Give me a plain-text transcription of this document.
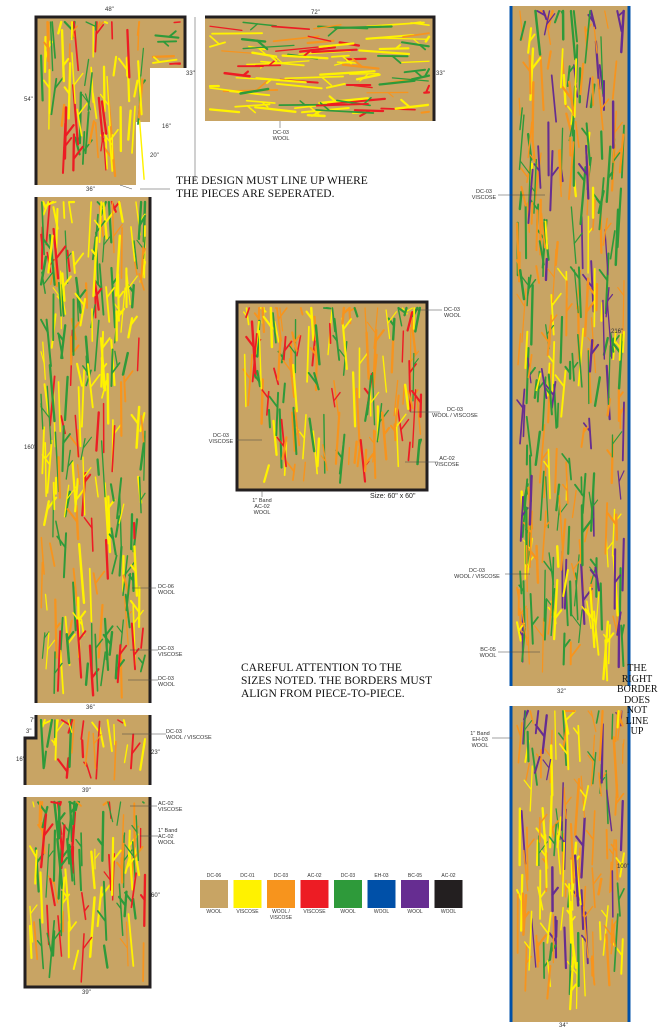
48"	72"
33"	33"
54"
16"
20"
36"
160"
36"
7"
3"
16"
23"
39"
60"
39"
216"
32"
100"
34"
DC-03
WOOL
DC-03
WOOL
DC-03
WOOL / VISCOSE
DC-03
VISCOSE
AC-02
VISCOSE
1" Band
AC-02
WOOL
DC-06
WOOL
DC-03
VISCOSE
DC-03
WOOL
DC-03
WOOL / VISCOSE
AC-02
VISCOSE
1" Band
AC-02
WOOL
DC-03
VISCOSE
DC-03
WOOL / VISCOSE
BC-05
WOOL
1" Band
EH-03
WOOL
THE DESIGN MUST LINE UP WHERE
THE PIECES ARE SEPERATED.
CAREFUL ATTENTION TO THE
SIZES NOTED. THE BORDERS MUST
ALIGN FROM PIECE-TO-PIECE.
THE
RIGHT
BORDER
DOES
NOT
LINE
UP
Size: 60" x 60"
DC-06
WOOL
DC-01
VISCOSE
DC-03
WOOL / VISCOSE
AC-02
VISCOSE
DC-03
WOOL
EH-03
WOOL
BC-05
WOOL
AC-02
WOOL
